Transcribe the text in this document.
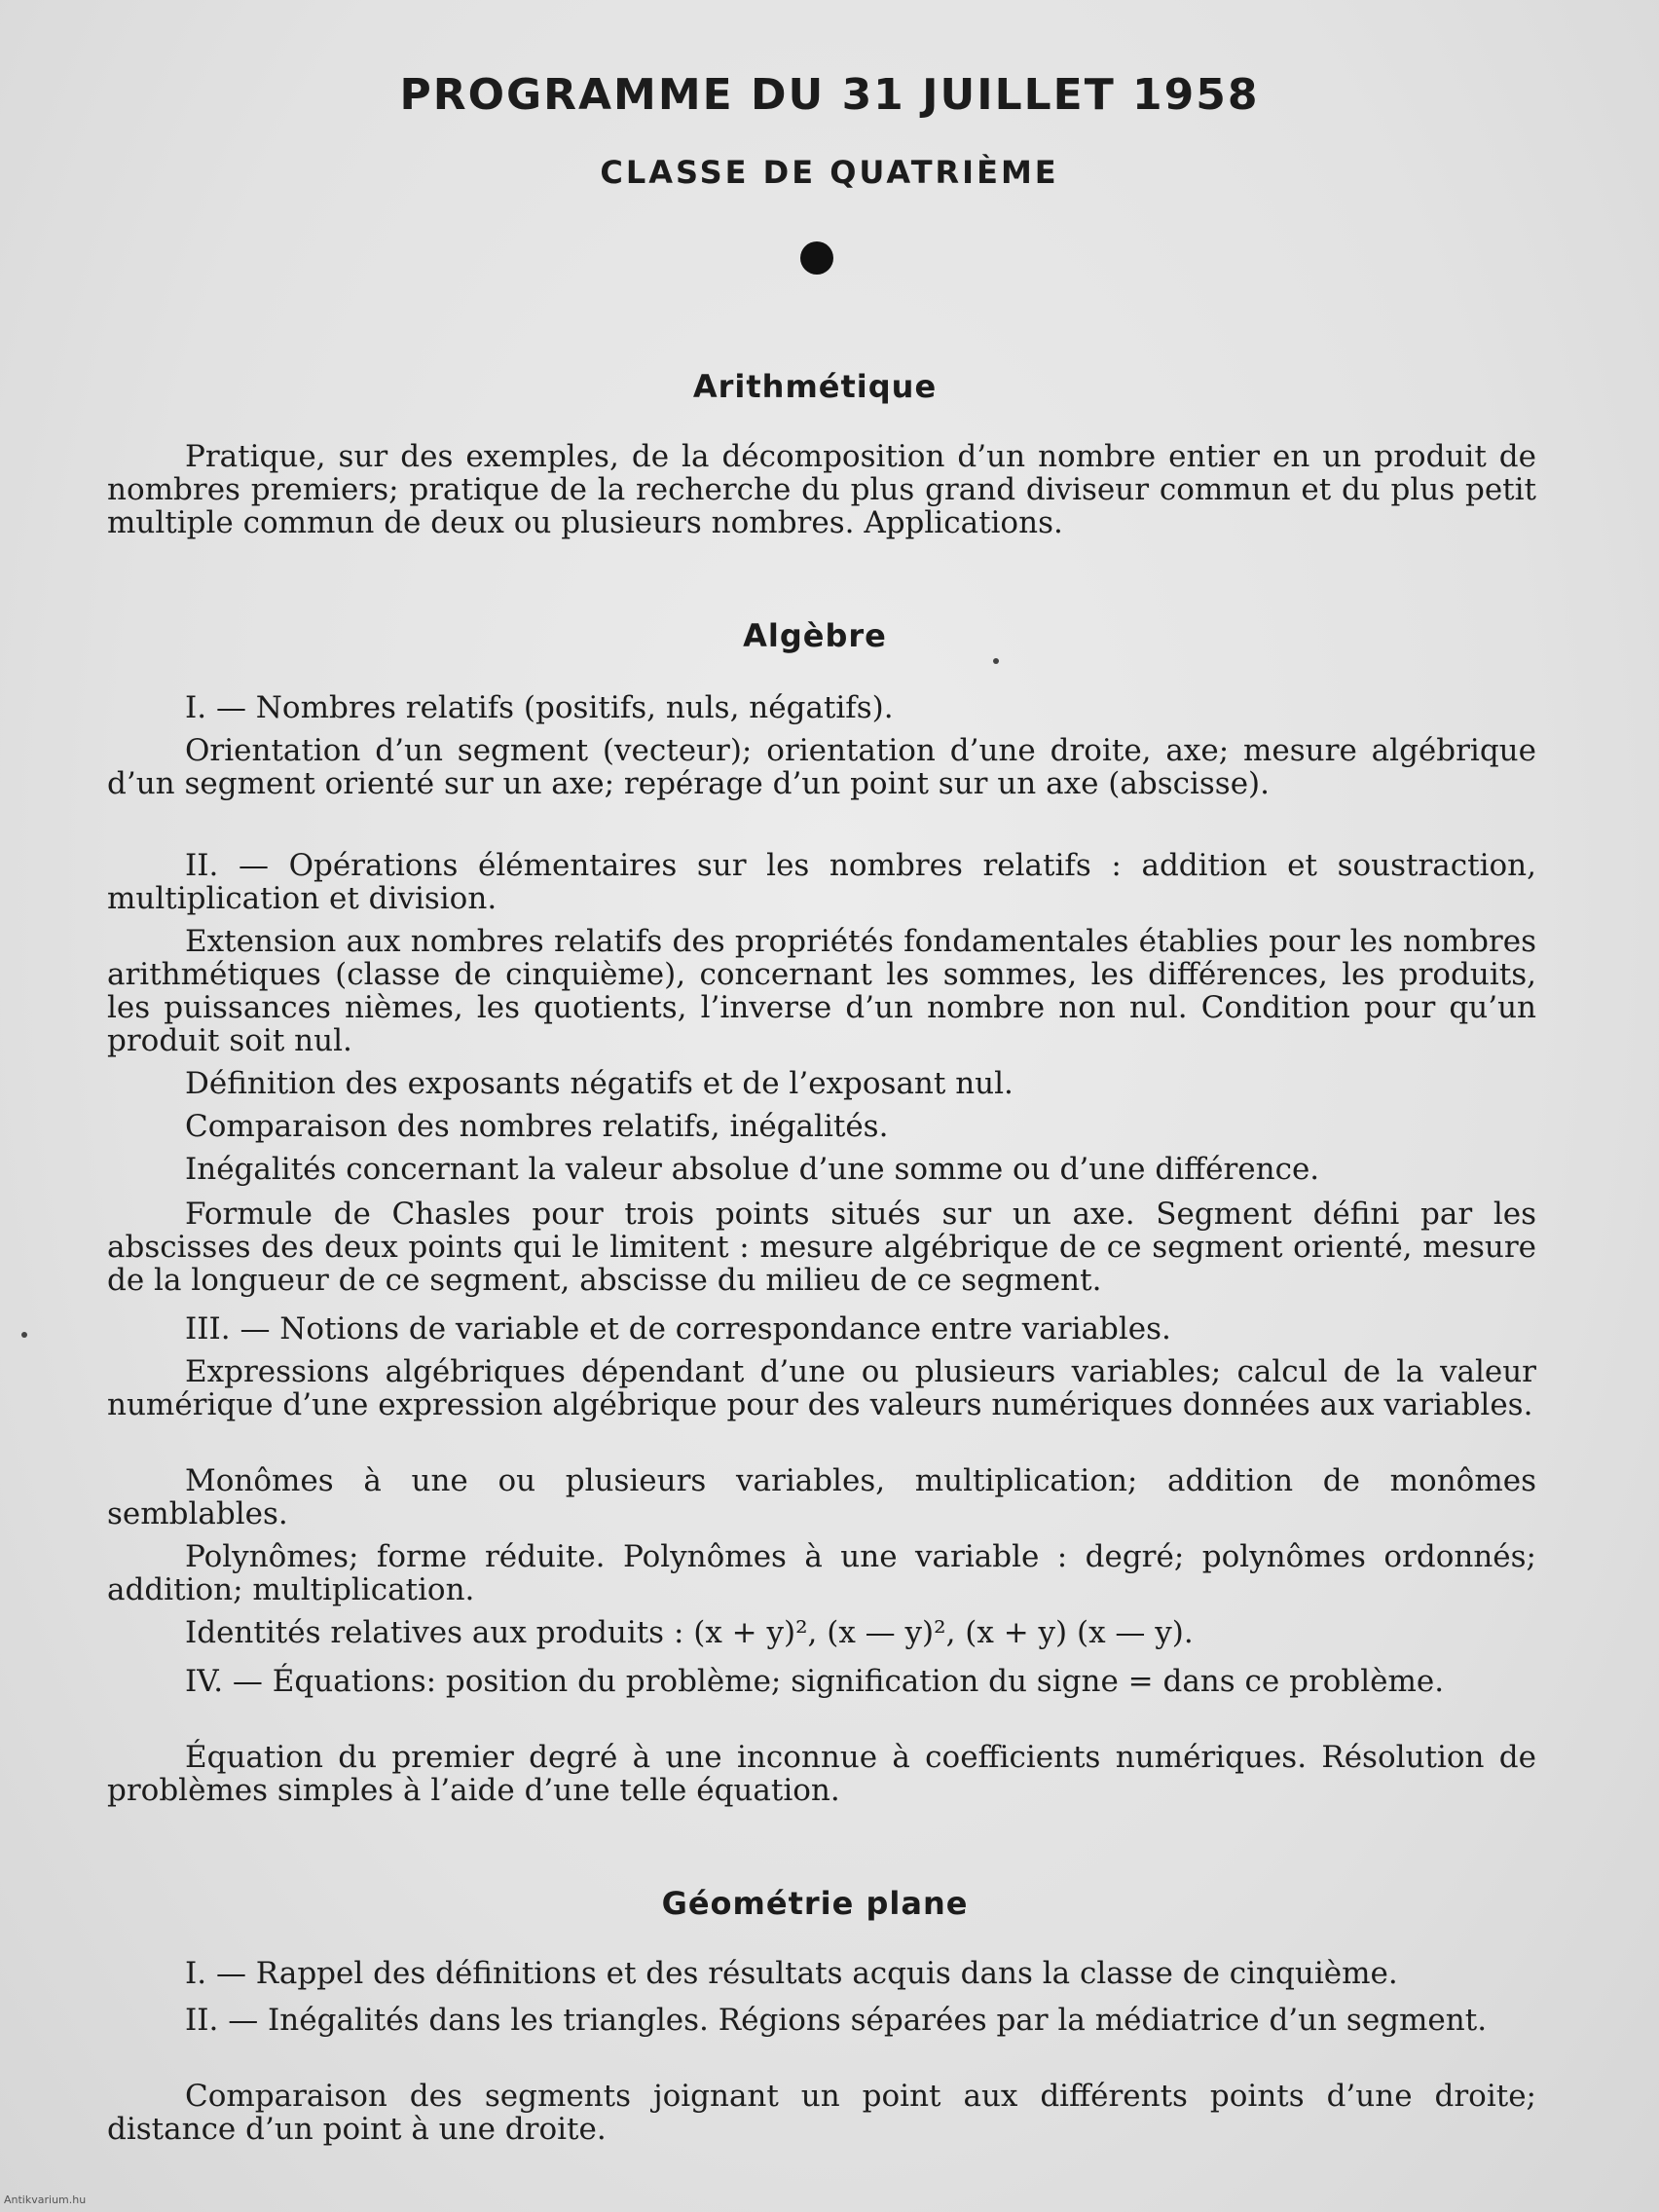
PROGRAMME DU 31 JUILLET 1958
CLASSE DE QUATRIÈME
Arithmétique

Pratique, sur des exemples, de la décomposition d’un nombre entier en un produit de nombres premiers; pratique de la recherche du plus grand diviseur commun et du plus petit multiple commun de deux ou plusieurs nombres. Applications.

Algèbre

I. — Nombres relatifs (positifs, nuls, négatifs).

Orientation d’un segment (vecteur); orientation d’une droite, axe; mesure algébrique d’un segment orienté sur un axe; repérage d’un point sur un axe (abscisse).

II. — Opérations élémentaires sur les nombres relatifs : addition et soustraction, multiplication et division.

Extension aux nombres relatifs des propriétés fondamentales établies pour les nombres arithmétiques (classe de cinquième), concernant les sommes, les différences, les produits, les puissances nièmes, les quotients, l’inverse d’un nombre non nul. Condition pour qu’un produit soit nul.

Définition des exposants négatifs et de l’exposant nul.

Comparaison des nombres relatifs, inégalités.

Inégalités concernant la valeur absolue d’une somme ou d’une différence.

Formule de Chasles pour trois points situés sur un axe. Segment défini par les abscisses des deux points qui le limitent : mesure algébrique de ce segment orienté, mesure de la longueur de ce segment, abscisse du milieu de ce segment.

III. — Notions de variable et de correspondance entre variables.

Expressions algébriques dépendant d’une ou plusieurs variables; calcul de la valeur numérique d’une expression algébrique pour des valeurs numériques données aux variables.

Monômes à une ou plusieurs variables, multiplication; addition de monômes semblables.

Polynômes; forme réduite. Polynômes à une variable : degré; polynômes ordonnés; addition; multiplication.

Identités relatives aux produits : (x + y)², (x — y)², (x + y) (x — y).

IV. — Équations: position du problème; signification du signe = dans ce problème.

Équation du premier degré à une inconnue à coefficients numériques. Résolution de problèmes simples à l’aide d’une telle équation.

Géométrie plane

I. — Rappel des définitions et des résultats acquis dans la classe de cinquième.

II. — Inégalités dans les triangles. Régions séparées par la médiatrice d’un segment.

Comparaison des segments joignant un point aux différents points d’une droite; distance d’un point à une droite.

Antikvarium.hu
